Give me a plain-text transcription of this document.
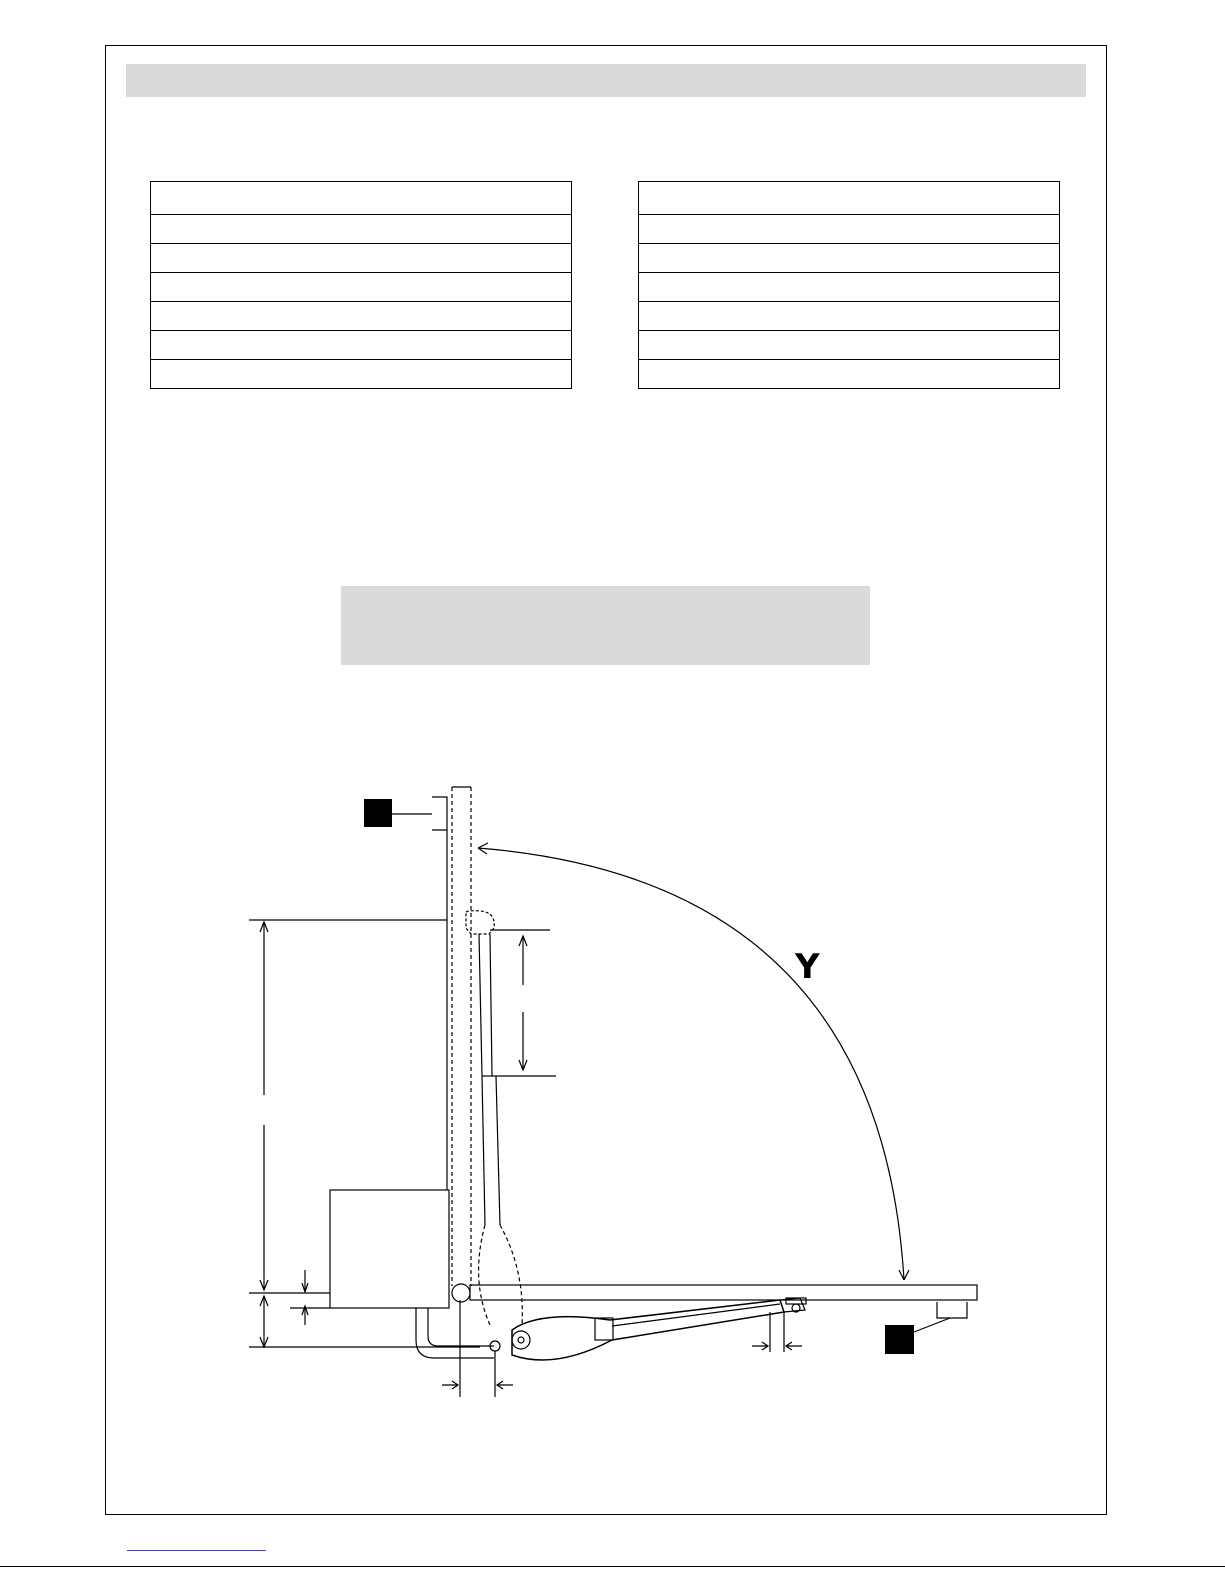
Y
